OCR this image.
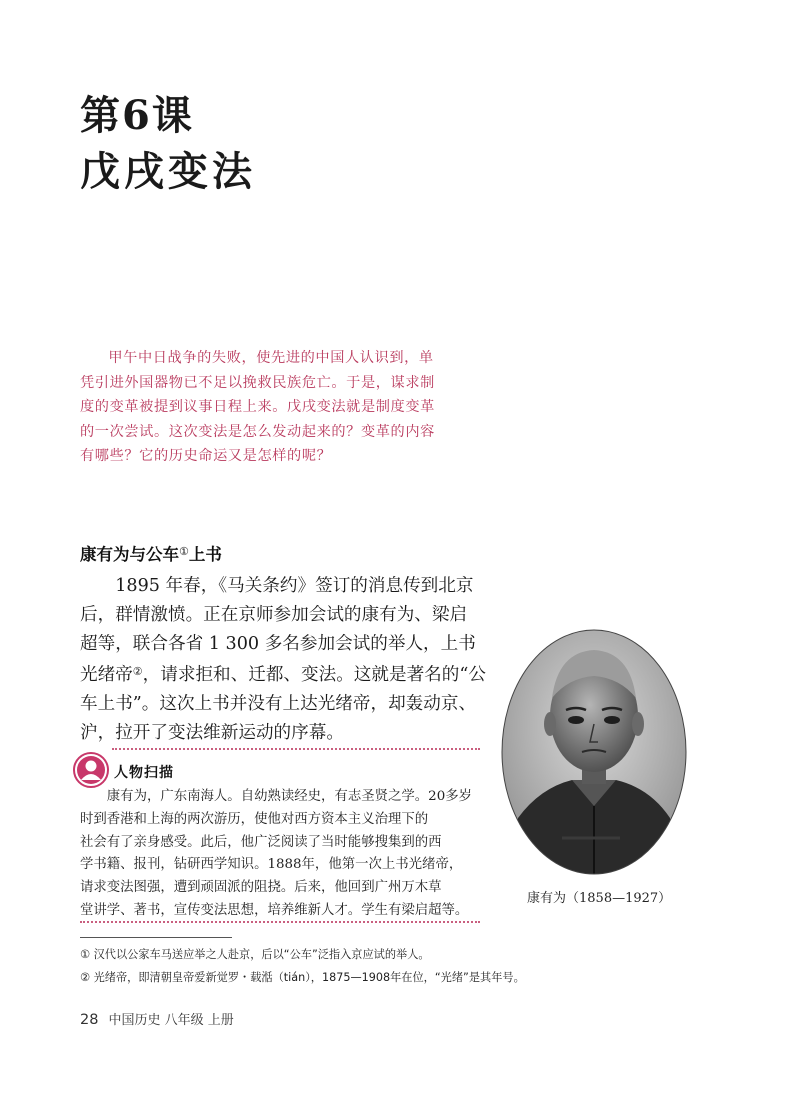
第6课
戊戌变法

甲午中日战争的失败，使先进的中国人认识到，单
凭引进外国器物已不足以挽救民族危亡。于是，谋求制
度的变革被提到议事日程上来。戊戌变法就是制度变革
的一次尝试。这次变法是怎么发动起来的？变革的内容
有哪些？它的历史命运又是怎样的呢？

康有为与公车①上书

1895 年春，《马关条约》签订的消息传到北京
后，群情激愤。正在京师参加会试的康有为、梁启
超等，联合各省 1 300 多名参加会试的举人，上书
光绪帝②，请求拒和、迁都、变法。这就是著名的“公
车上书”。这次上书并没有上达光绪帝，却轰动京、
沪，拉开了变法维新运动的序幕。

人物扫描

康有为，广东南海人。自幼熟读经史，有志圣贤之学。20多岁
时到香港和上海的两次游历，使他对西方资本主义治理下的
社会有了亲身感受。此后，他广泛阅读了当时能够搜集到的西
学书籍、报刊，钻研西学知识。1888年，他第一次上书光绪帝，
请求变法图强，遭到顽固派的阻挠。后来，他回到广州万木草
堂讲学、著书，宣传变法思想，培养维新人才。学生有梁启超等。

康有为（1858—1927）

① 汉代以公家车马送应举之人赴京，后以“公车”泛指入京应试的举人。
② 光绪帝，即清朝皇帝爱新觉罗・载湉（tián），1875—1908年在位，“光绪”是其年号。

28 中国历史 八年级 上册
